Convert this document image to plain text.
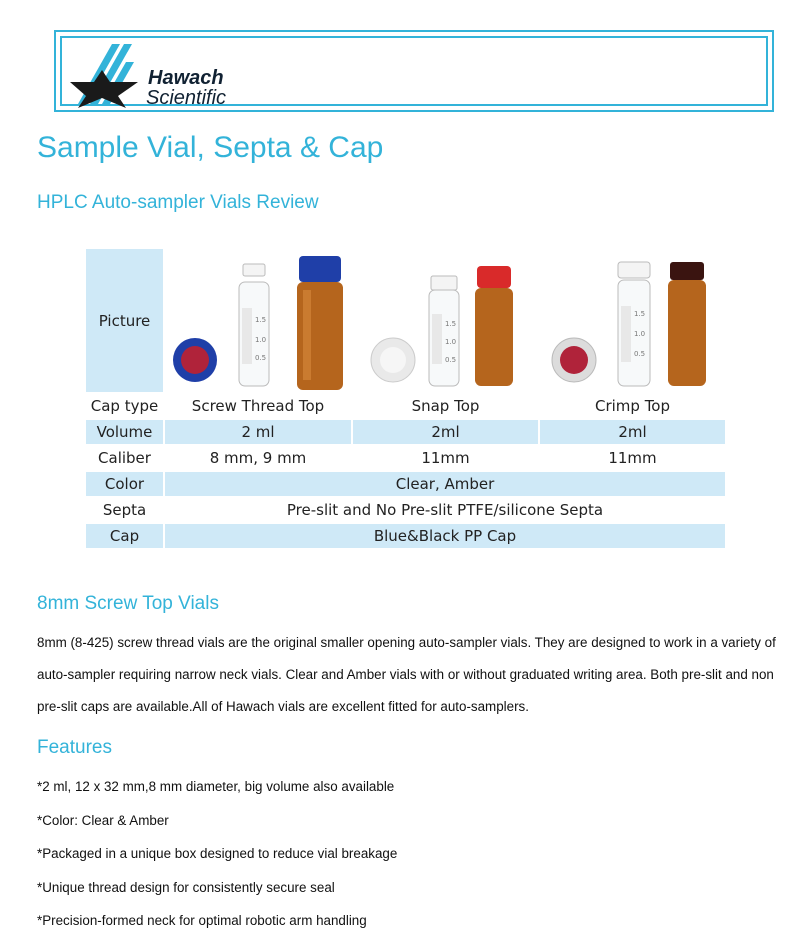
Hawach
Scientific
Sample Vial, Septa & Cap
HPLC Auto-sampler Vials Review
Picture	1.5
1.0
0.5	1.5
1.0
0.5	1.5
1.0
0.5

Cap type	Screw Thread Top	Snap Top	Crimp Top
Volume	2 ml	2ml	2ml
Caliber	8 mm, 9 mm	11mm	11mm
Color	Clear, Amber		
Septa	Pre-slit and No Pre-slit PTFE/silicone Septa		
Cap	Blue&Black PP Cap		
8mm Screw Top Vials
8mm (8-425) screw thread vials are the original smaller opening auto-sampler vials. They are designed to work in a variety of auto-sampler requiring narrow neck vials. Clear and Amber vials with or without graduated writing area. Both pre-slit and non pre-slit caps are available.All of Hawach vials are excellent fitted for auto-samplers.
Features
*2 ml, 12 x 32 mm,8 mm diameter, big volume also available
*Color: Clear & Amber
*Packaged in a unique box designed to reduce vial breakage
*Unique thread design for consistently secure seal
*Precision-formed neck for optimal robotic arm handling
